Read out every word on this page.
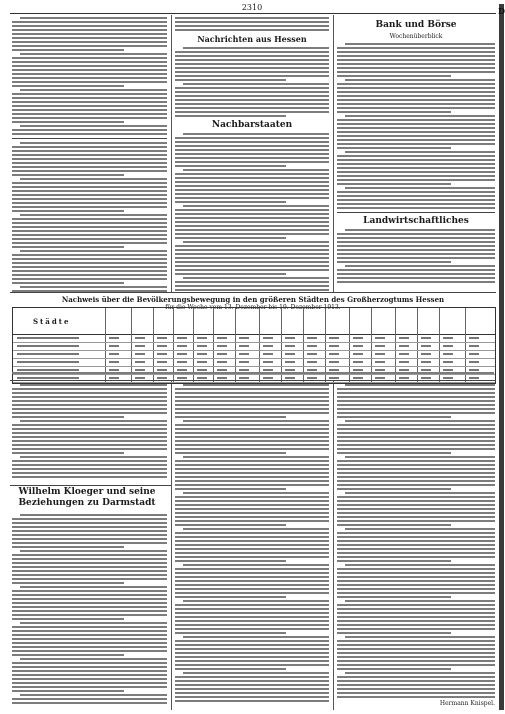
2310	D
Nachrichten aus Hessen
Nachbarstaaten
Bank und Börse
Wochenüberblick
Landwirtschaftliches
Nachweis über die Bevölkerungsbewegung in den größeren Städten des Großherzogtums Hessen
für die Woche vom 13. Dezember bis 19. Dezember 1913.
Städte
Hermann Knispel.
Wilhelm Kloeger und seine Beziehungen zu Darmstadt
